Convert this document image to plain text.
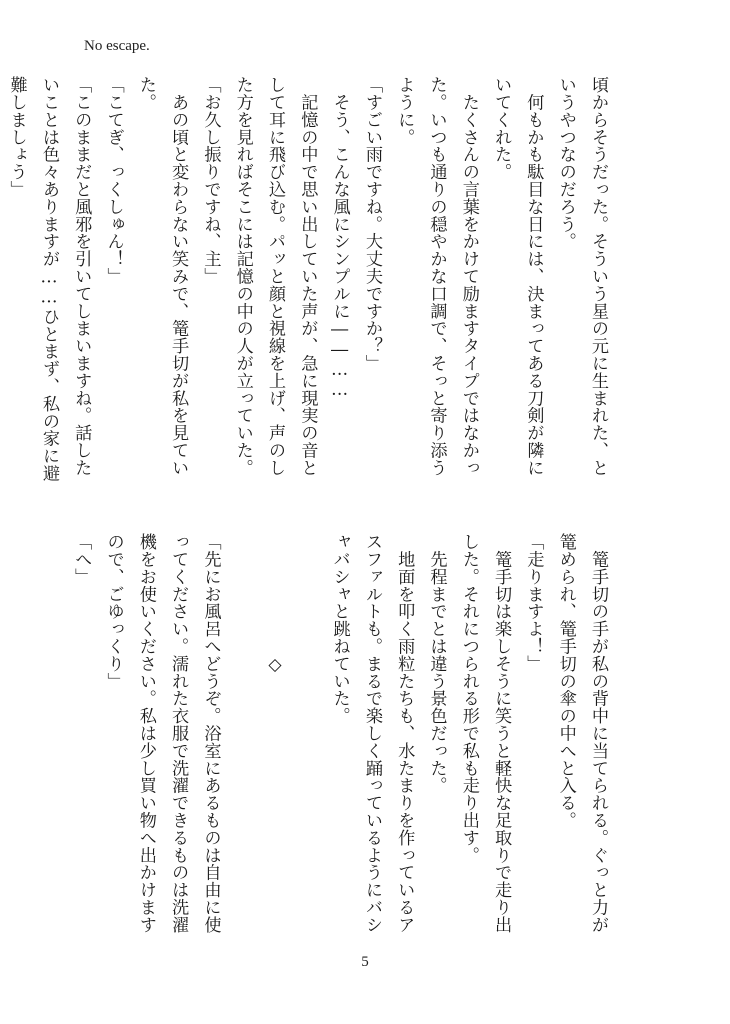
No escape.
頃からそうだった。そういう星の元に生まれた、と
いうやつなのだろう。
　何もかも駄目な日には、決まってある刀剣が隣に
いてくれた。
　たくさんの言葉をかけて励ますタイプではなかっ
た。いつも通りの穏やかな口調で、そっと寄り添う
ように。
「すごい雨ですね。大丈夫ですか？」
　そう、こんな風にシンプルに――……
　記憶の中で思い出していた声が、急に現実の音と
して耳に飛び込む。パッと顔と視線を上げ、声のし
た方を見ればそこには記憶の中の人が立っていた。
「お久し振りですね、主」
　あの頃と変わらない笑みで、篭手切が私を見てい
た。
「こてぎ、っくしゅん！」
「このままだと風邪を引いてしまいますね。話した
いことは色々ありますが……ひとまず、私の家に避
難しましょう」

　篭手切の手が私の背中に当てられる。ぐっと力が
篭められ、篭手切の傘の中へと入る。
「走りますよ！」
　篭手切は楽しそうに笑うと軽快な足取りで走り出
した。それにつられる形で私も走り出す。
　先程までとは違う景色だった。
　地面を叩く雨粒たちも、水たまりを作っているア
スファルトも。まるで楽しく踊っているようにバシ
ャバシャと跳ねていた。

　　　　　　　◇

「先にお風呂へどうぞ。浴室にあるものは自由に使
ってください。濡れた衣服で洗濯できるものは洗濯
機をお使いください。私は少し買い物へ出かけます
ので、ごゆっくり」
「へ」
5
